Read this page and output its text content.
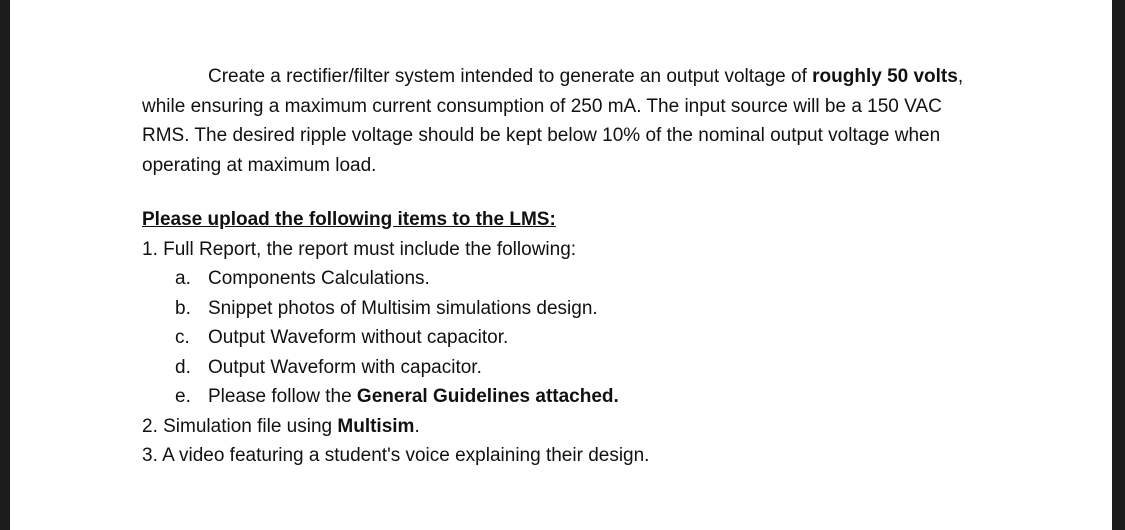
Create a rectifier/filter system intended to generate an output voltage of roughly 50 volts, while ensuring a maximum current consumption of 250 mA. The input source will be a 150 VAC RMS. The desired ripple voltage should be kept below 10% of the nominal output voltage when operating at maximum load.

Please upload the following items to the LMS:

1. Full Report, the report must include the following:

a. Components Calculations.
b. Snippet photos of Multisim simulations design.
c. Output Waveform without capacitor.
d. Output Waveform with capacitor.
e. Please follow the General Guidelines attached.

2. Simulation file using Multisim.

3. A video featuring a student's voice explaining their design.
